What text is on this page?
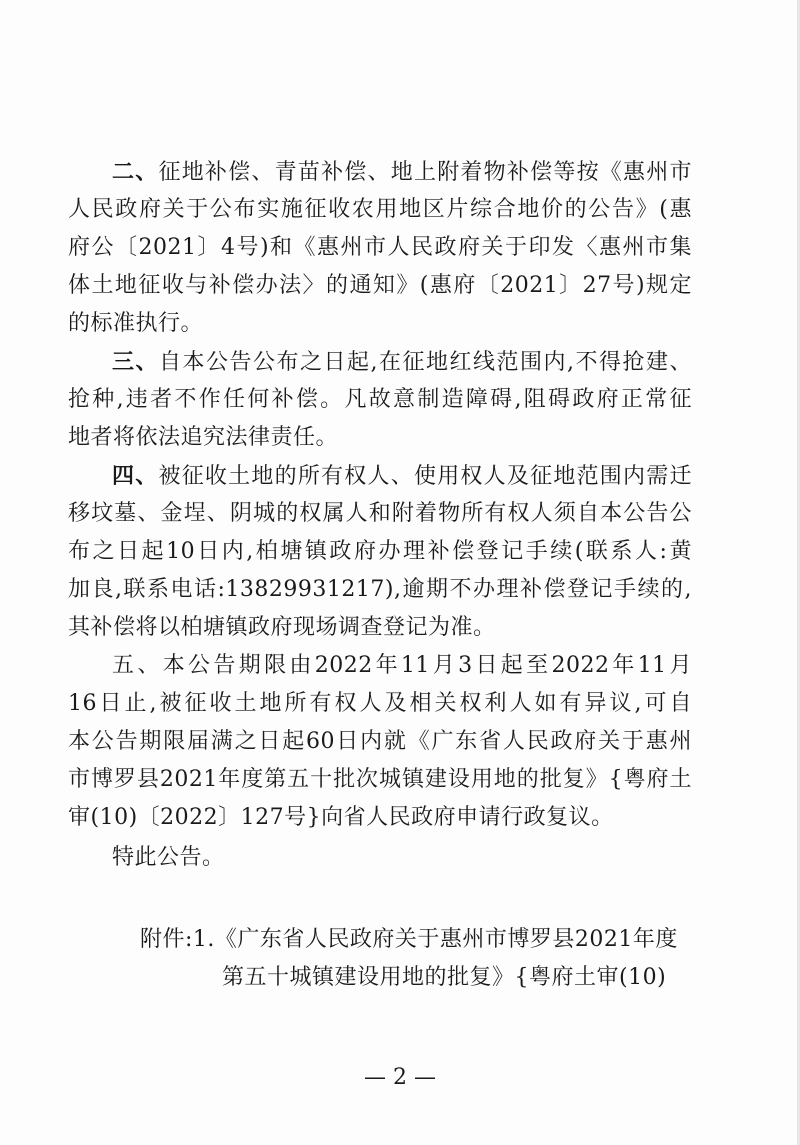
二、征地补偿、青苗补偿、地上附着物补偿等按《惠州市
人民政府关于公布实施征收农用地区片综合地价的公告》(惠
府公〔2021〕4号)和《惠州市人民政府关于印发〈惠州市集
体土地征收与补偿办法〉的通知》(惠府〔2021〕27号)规定
的标准执行。
三、自本公告公布之日起,在征地红线范围内,不得抢建、
抢种,违者不作任何补偿。凡故意制造障碍,阻碍政府正常征
地者将依法追究法律责任。
四、被征收土地的所有权人、使用权人及征地范围内需迁
移坟墓、金埕、阴城的权属人和附着物所有权人须自本公告公
布之日起10日内,柏塘镇政府办理补偿登记手续(联系人:黄
加良,联系电话:13829931217),逾期不办理补偿登记手续的,
其补偿将以柏塘镇政府现场调查登记为准。
五、本公告期限由2022年11月3日起至2022年11月
16日止,被征收土地所有权人及相关权利人如有异议,可自
本公告期限届满之日起60日内就《广东省人民政府关于惠州
市博罗县2021年度第五十批次城镇建设用地的批复》{粤府土
审(10)〔2022〕127号}向省人民政府申请行政复议。
特此公告。
附件:1.《广东省人民政府关于惠州市博罗县2021年度
第五十城镇建设用地的批复》{粤府土审(10)
— 2 —
